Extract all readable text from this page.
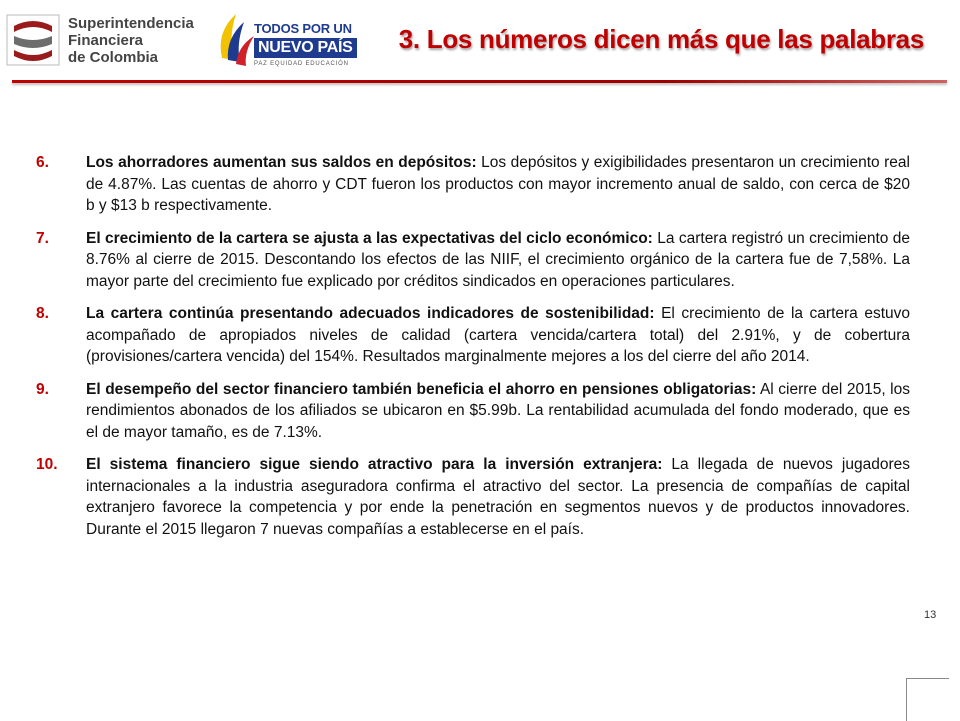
Superintendencia
Financiera
de Colombia
TODOS POR UN
NUEVO PAÍS
PAZ EQUIDAD EDUCACIÓN
3. Los números dicen más que las palabras
6.	Los ahorradores aumentan sus saldos en depósitos: Los depósitos y exigibilidades presentaron un crecimiento real de 4.87%. Las cuentas de ahorro y CDT fueron los productos con mayor incremento anual de saldo, con cerca de $20 b y $13 b respectivamente.
7.	El crecimiento de la cartera se ajusta a las expectativas del ciclo económico: La cartera registró un crecimiento de 8.76% al cierre de 2015. Descontando los efectos de las NIIF, el crecimiento orgánico de la cartera fue de 7,58%. La mayor parte del crecimiento fue explicado por créditos sindicados en operaciones particulares.
8.	La cartera continúa presentando adecuados indicadores de sostenibilidad: El crecimiento de la cartera estuvo acompañado de apropiados niveles de calidad (cartera vencida/cartera total) del 2.91%, y de cobertura (provisiones/cartera vencida) del 154%. Resultados marginalmente mejores a los del cierre del año 2014.
9.	El desempeño del sector financiero también beneficia el ahorro en pensiones obligatorias: Al cierre del 2015, los rendimientos abonados de los afiliados se ubicaron en $5.99b. La rentabilidad acumulada del fondo moderado, que es el de mayor tamaño, es de 7.13%.
10.	El sistema financiero sigue siendo atractivo para la inversión extranjera: La llegada de nuevos jugadores internacionales a la industria aseguradora confirma el atractivo del sector. La presencia de compañías de capital extranjero favorece la competencia y por ende la penetración en segmentos nuevos y de productos innovadores. Durante el 2015 llegaron 7 nuevas compañías a establecerse en el país.
13
